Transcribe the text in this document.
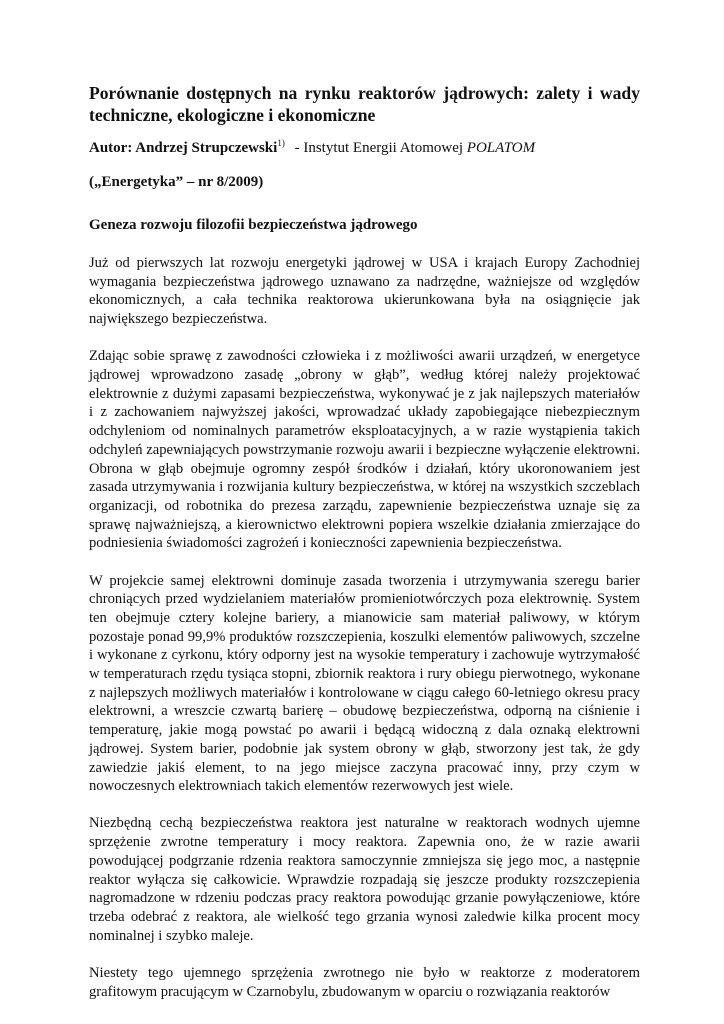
Porównanie dostępnych na rynku reaktorów jądrowych: zalety i wady techniczne, ekologiczne i ekonomiczne
Autor: Andrzej Strupczewski$^{1)}$ - Instytut Energii Atomowej POLATOM
(„Energetyka” – nr 8/2009)
Geneza rozwoju filozofii bezpieczeństwa jądrowego

Już od pierwszych lat rozwoju energetyki jądrowej w USA i krajach Europy Zachodniej wymagania bezpieczeństwa jądrowego uznawano za nadrzędne, ważniejsze od względów ekonomicznych, a cała technika reaktorowa ukierunkowana była na osiągnięcie jak największego bezpieczeństwa.

Zdając sobie sprawę z zawodności człowieka i z możliwości awarii urządzeń, w energetyce jądrowej wprowadzono zasadę „obrony w głąb”, według której należy projektować elektrownie z dużymi zapasami bezpieczeństwa, wykonywać je z jak najlepszych materiałów i z zachowaniem najwyższej jakości, wprowadzać układy zapobiegające niebezpiecznym odchyleniom od nominalnych parametrów eksploatacyjnych, a w razie wystąpienia takich odchyleń zapewniających powstrzymanie rozwoju awarii i bezpieczne wyłączenie elektrowni. Obrona w głąb obejmuje ogromny zespół środków i działań, który ukoronowaniem jest zasada utrzymywania i rozwijania kultury bezpieczeństwa, w której na wszystkich szczeblach organizacji, od robotnika do prezesa zarządu, zapewnienie bezpieczeństwa uznaje się za sprawę najważniejszą, a kierownictwo elektrowni popiera wszelkie działania zmierzające do podniesienia świadomości zagrożeń i konieczności zapewnienia bezpieczeństwa.

W projekcie samej elektrowni dominuje zasada tworzenia i utrzymywania szeregu barier chroniących przed wydzielaniem materiałów promieniotwórczych poza elektrownię. System ten obejmuje cztery kolejne bariery, a mianowicie sam materiał paliwowy, w którym pozostaje ponad 99,9% produktów rozszczepienia, koszulki elementów paliwowych, szczelne i wykonane z cyrkonu, który odporny jest na wysokie temperatury i zachowuje wytrzymałość w temperaturach rzędu tysiąca stopni, zbiornik reaktora i rury obiegu pierwotnego, wykonane z najlepszych możliwych materiałów i kontrolowane w ciągu całego 60-letniego okresu pracy elektrowni, a wreszcie czwartą barierę – obudowę bezpieczeństwa, odporną na ciśnienie i temperaturę, jakie mogą powstać po awarii i będącą widoczną z dala oznaką elektrowni jądrowej. System barier, podobnie jak system obrony w głąb, stworzony jest tak, że gdy zawiedzie jakiś element, to na jego miejsce zaczyna pracować inny, przy czym w nowoczesnych elektrowniach takich elementów rezerwowych jest wiele.

Niezbędną cechą bezpieczeństwa reaktora jest naturalne w reaktorach wodnych ujemne sprzężenie zwrotne temperatury i mocy reaktora. Zapewnia ono, że w razie awarii powodującej podgrzanie rdzenia reaktora samoczynnie zmniejsza się jego moc, a następnie reaktor wyłącza się całkowicie. Wprawdzie rozpadają się jeszcze produkty rozszczepienia nagromadzone w rdzeniu podczas pracy reaktora powodując grzanie powyłączeniowe, które trzeba odebrać z reaktora, ale wielkość tego grzania wynosi zaledwie kilka procent mocy nominalnej i szybko maleje.

Niestety tego ujemnego sprzężenia zwrotnego nie było w reaktorze z moderatorem grafitowym pracującym w Czarnobylu, zbudowanym w oparciu o rozwiązania reaktorów
